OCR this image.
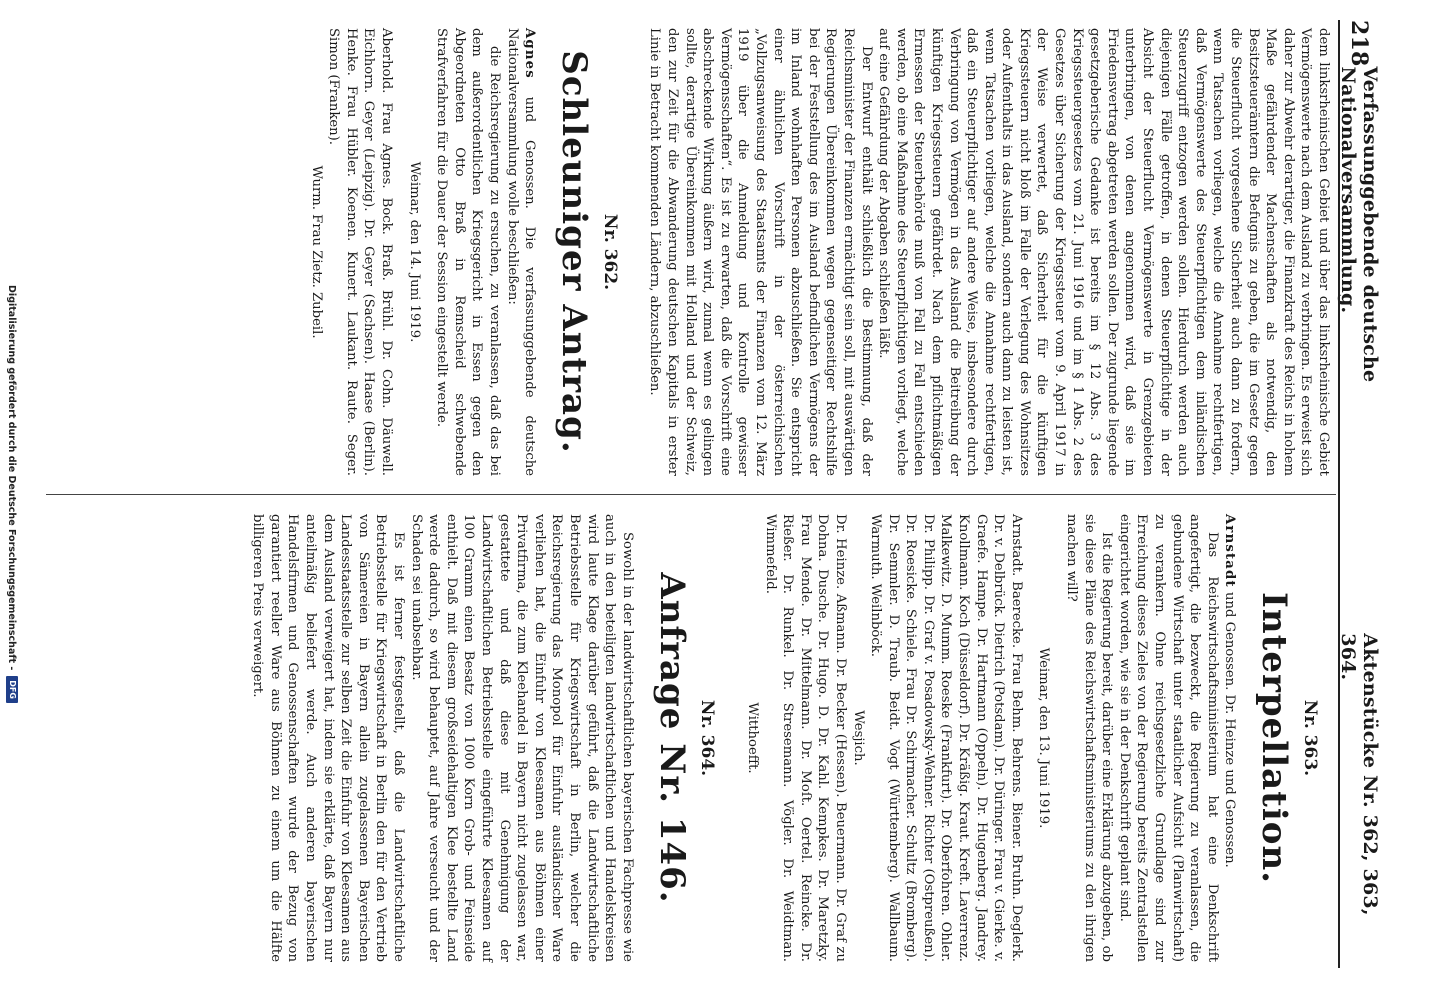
218
Verfassunggebende deutsche Nationalversammlung.
Aktenstücke Nr. 362, 363, 364.

dem linksrheinischen Gebiet und über das linksrheinische Gebiet Vermögenswerte nach dem Ausland zu verbringen. Es erweist sich daher zur Abwehr derartiger, die Finanzkraft des Reichs in hohem Maße gefährdender Machenschaften als notwendig, den Besitzsteuerämtern die Befugnis zu geben, die im Gesetz gegen die Steuerflucht vorgesehene Sicherheit auch dann zu fordern, wenn Tatsachen vorliegen, welche die Annahme rechtfertigen, daß Vermögenswerte des Steuerpflichtigen dem inländischen Steuerzugriff entzogen werden sollen. Hierdurch werden auch diejenigen Fälle getroffen, in denen Steuerpflichtige in der Absicht der Steuerflucht Vermögenswerte in Grenzgebieten unterbringen, von denen angenommen wird, daß sie im Friedensvertrag abgetreten werden sollen. Der zugrunde liegende gesetzgeberische Gedanke ist bereits im § 12 Abs. 3 des Kriegssteuergesetzes vom 21. Juni 1916 und im § 1 Abs. 2 des Gesetzes über Sicherung der Kriegssteuer vom 9. April 1917 in der Weise verwertet, daß Sicherheit für die künftigen Kriegssteuern nicht bloß im Falle der Verlegung des Wohnsitzes oder Aufenthalts in das Ausland, sondern auch dann zu leisten ist, wenn Tatsachen vorliegen, welche die Annahme rechtfertigen, daß ein Steuerpflichtiger auf andere Weise, insbesondere durch Verbringung von Vermögen in das Ausland die Beitreibung der künftigen Kriegssteuern gefährdet. Nach dem pflichtmäßigen Ermessen der Steuerbehörde muß von Fall zu Fall entschieden werden, ob eine Maßnahme des Steuerpflichtigen vorliegt, welche auf eine Gefährdung der Abgaben schließen läßt.

Der Entwurf enthält schließlich die Bestimmung, daß der Reichsminister der Finanzen ermächtigt sein soll, mit auswärtigen Regierungen Übereinkommen wegen gegenseitiger Rechtshilfe bei der Feststellung des im Ausland befindlichen Vermögens der im Inland wohnhaften Personen abzuschließen. Sie entspricht einer ähnlichen Vorschrift in der österreichischen „Vollzugsanweisung des Staatsamts der Finanzen vom 12. März 1919 über die Anmeldung und Kontrolle gewisser Vermögensschaften“. Es ist zu erwarten, daß die Vorschrift eine abschreckende Wirkung äußern wird, zumal wenn es gelingen sollte, derartige Übereinkommen mit Holland und der Schweiz, den zur Zeit für die Abwanderung deutschen Kapitals in erster Linie in Betracht kommenden Ländern, abzuschließen.

Nr. 362.
Schleuniger Antrag.

Agnes und Genossen. Die verfassunggebende deutsche Nationalversammlung wolle beschließen:

die Reichsregierung zu ersuchen, zu veranlassen, daß das bei dem außerordentlichen Kriegsgericht in Essen gegen den Abgeordneten Otto Braß in Remscheid schwebende Strafverfahren für die Dauer der Session eingestellt werde.

Weimar, den 14. Juni 1919.

Aberhold. Frau Agnes. Bock. Braß. Brühl. Dr. Cohn. Däuwell. Eichhorn. Geyer (Leipzig). Dr. Geyer (Sachsen). Haase (Berlin). Henke. Frau Hübler. Koenen. Kunert. Laukant. Raute. Seger. Simon (Franken).

Wurm. Frau Zietz. Zubeil.

Nr. 363.
Interpellation.

Arnstadt und Genossen. Dr. Heinze und Genossen.

Das Reichswirtschaftsministerium hat eine Denkschrift angefertigt, die bezweckt, die Regierung zu veranlassen, die gebundene Wirtschaft unter staatlicher Aufsicht (Planwirtschaft) zu verankern. Ohne reichsgesetzliche Grundlage sind zur Erreichung dieses Zieles von der Regierung bereits Zentralstellen eingerichtet worden, wie sie in der Denkschrift geplant sind.

Ist die Regierung bereit, darüber eine Erklärung abzugeben, ob sie diese Pläne des Reichswirtschaftsministeriums zu den ihrigen machen will?

Weimar, den 13. Juni 1919.

Arnstadt. Baerecke. Frau Behm. Behrens. Biener. Bruhn. Deglerk. Dr. v. Delbrück. Dietrich (Potsdam). Dr. Düringer. Frau v. Gierke. v. Graefe. Hampe. Dr. Hartmann (Oppeln). Dr. Hugenberg. Jandrey. Knollmann. Koch (Düsseldorf). Dr. Kräßig. Kraut. Kreft. Laverrenz. Malkewitz. D. Mumm. Roeske (Frankfurt). Dr. Oberfohren. Ohler. Dr. Philipp. Dr. Graf v. Posadowsky-Wehner. Richter (Ostpreußen). Dr. Roesicke. Schiele. Frau Dr. Schirmacher. Schultz (Bromberg). Dr. Semmler. D. Traub. Beidt. Vogt (Württemberg). Wallbaum. Warmuth. Weilnböck.

Wesjich.

Dr. Heinze. Aßmann. Dr. Becker (Hessen). Beuermann. Dr. Graf zu Dohna. Dusche. Dr. Hugo. D. Dr. Kahl. Kempkes. Dr. Maretzky. Frau Mende. Dr. Mittelmann. Dr. Moſt. Oertel. Reincke. Dr. Rießer. Dr. Runkel. Dr. Stresemann. Vögler. Dr. Weidtman. Wimmefeld.

Witthoefft.

Nr. 364.
Anfrage Nr. 146.

Sowohl in der landwirtschaftlichen bayerischen Fachpresse wie auch in den beteiligten landwirtschaftlichen und Handelskreisen wird laute Klage darüber geführt, daß die Landwirtschaftliche Betriebsstelle für Kriegswirtschaft in Berlin, welcher die Reichsregierung das Monopol für Einfuhr ausländischer Ware verliehen hat, die Einfuhr von Kleesamen aus Böhmen einer Privatfirma, die zum Kleehandel in Bayern nicht zugelassen war, gestattete und daß diese mit Genehmigung der Landwirtschaftlichen Betriebsstelle eingeführte Kleesamen auf 100 Gramm einen Besatz von 1000 Korn Grob- und Feinseide enthielt. Daß mit diesem großseidehaltigen Klee bestellte Land werde dadurch, so wird behauptet, auf Jahre verseucht und der Schaden sei unabsehbar.

Es ist ferner festgestellt, daß die Landwirtschaftliche Betriebsstelle für Kriegswirtschaft in Berlin den für den Vertrieb von Sämereien in Bayern allein zugelassenen Bayerischen Landesstaatsstelle zur selben Zeit die Einfuhr von Kleesamen aus dem Ausland verweigert hat, indem sie erklärte, daß Bayern nur anteilmäßig beliefert werde. Auch anderen bayerischen Handelsfirmen und Genossenschaften wurde der Bezug von garantiert reeller Ware aus Böhmen zu einem um die Hälfte billigeren Preis verweigert.

Digitalisierung gefördert durch die Deutsche Forschungsgemeinschaft -
DFG
